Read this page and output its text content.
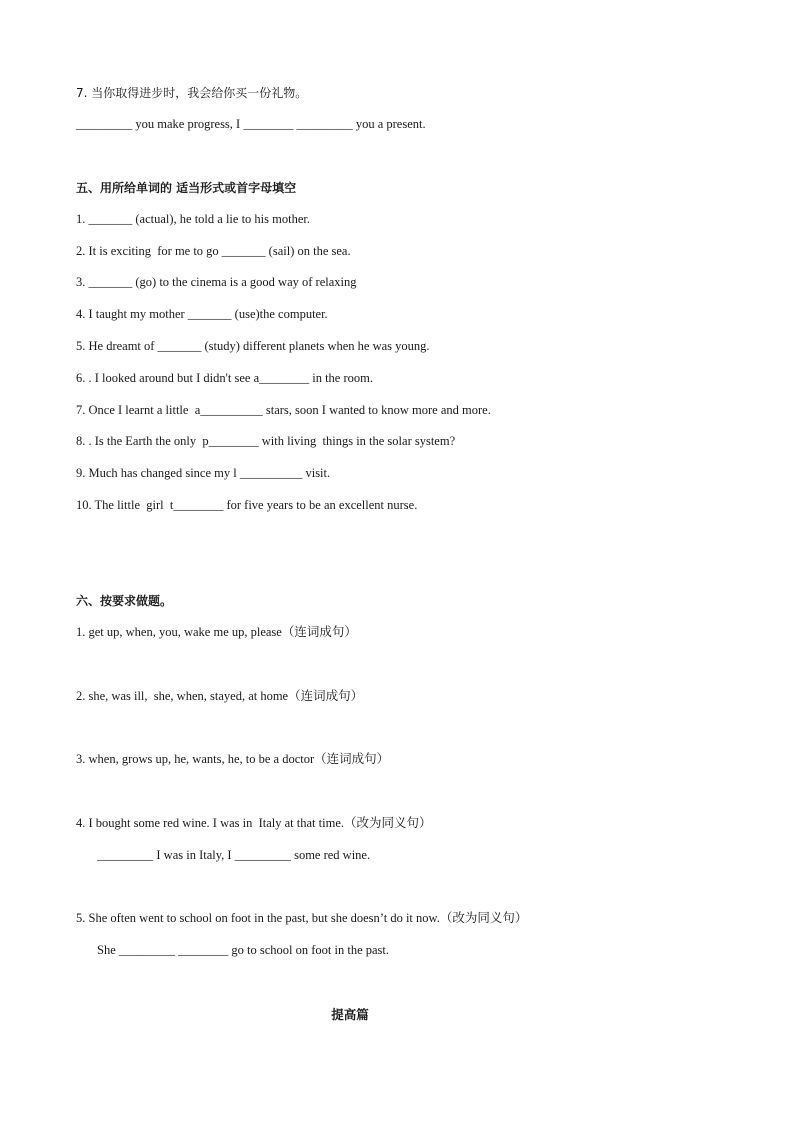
7. 当你取得进步时，我会给你买一份礼物。
_________ you make progress, I ________ _________ you a present.
五、用所给单词的 适当形式或首字母填空
1. _______ (actual), he told a lie to his mother.
2. It is exciting  for me to go _______ (sail) on the sea.
3. _______ (go) to the cinema is a good way of relaxing
4. I taught my mother _______ (use)the computer.
5. He dreamt of _______ (study) different planets when he was young.
6. . I looked around but I didn't see a________ in the room.
7. Once I learnt a little  a__________ stars, soon I wanted to know more and more.
8. . Is the Earth the only  p________ with living  things in the solar system?
9. Much has changed since my l __________ visit.
10. The little  girl  t________ for five years to be an excellent nurse.
六、按要求做题。
1. get up, when, you, wake me up, please（连词成句）
2. she, was ill,  she, when, stayed, at home（连词成句）
3. when, grows up, he, wants, he, to be a doctor（连词成句）
4. I bought some red wine. I was in  Italy at that time.（改为同义句）
_________ I was in Italy, I _________ some red wine.
5. She often went to school on foot in the past, but she doesn’t do it now.（改为同义句）
She _________ ________ go to school on foot in the past.
提高篇
